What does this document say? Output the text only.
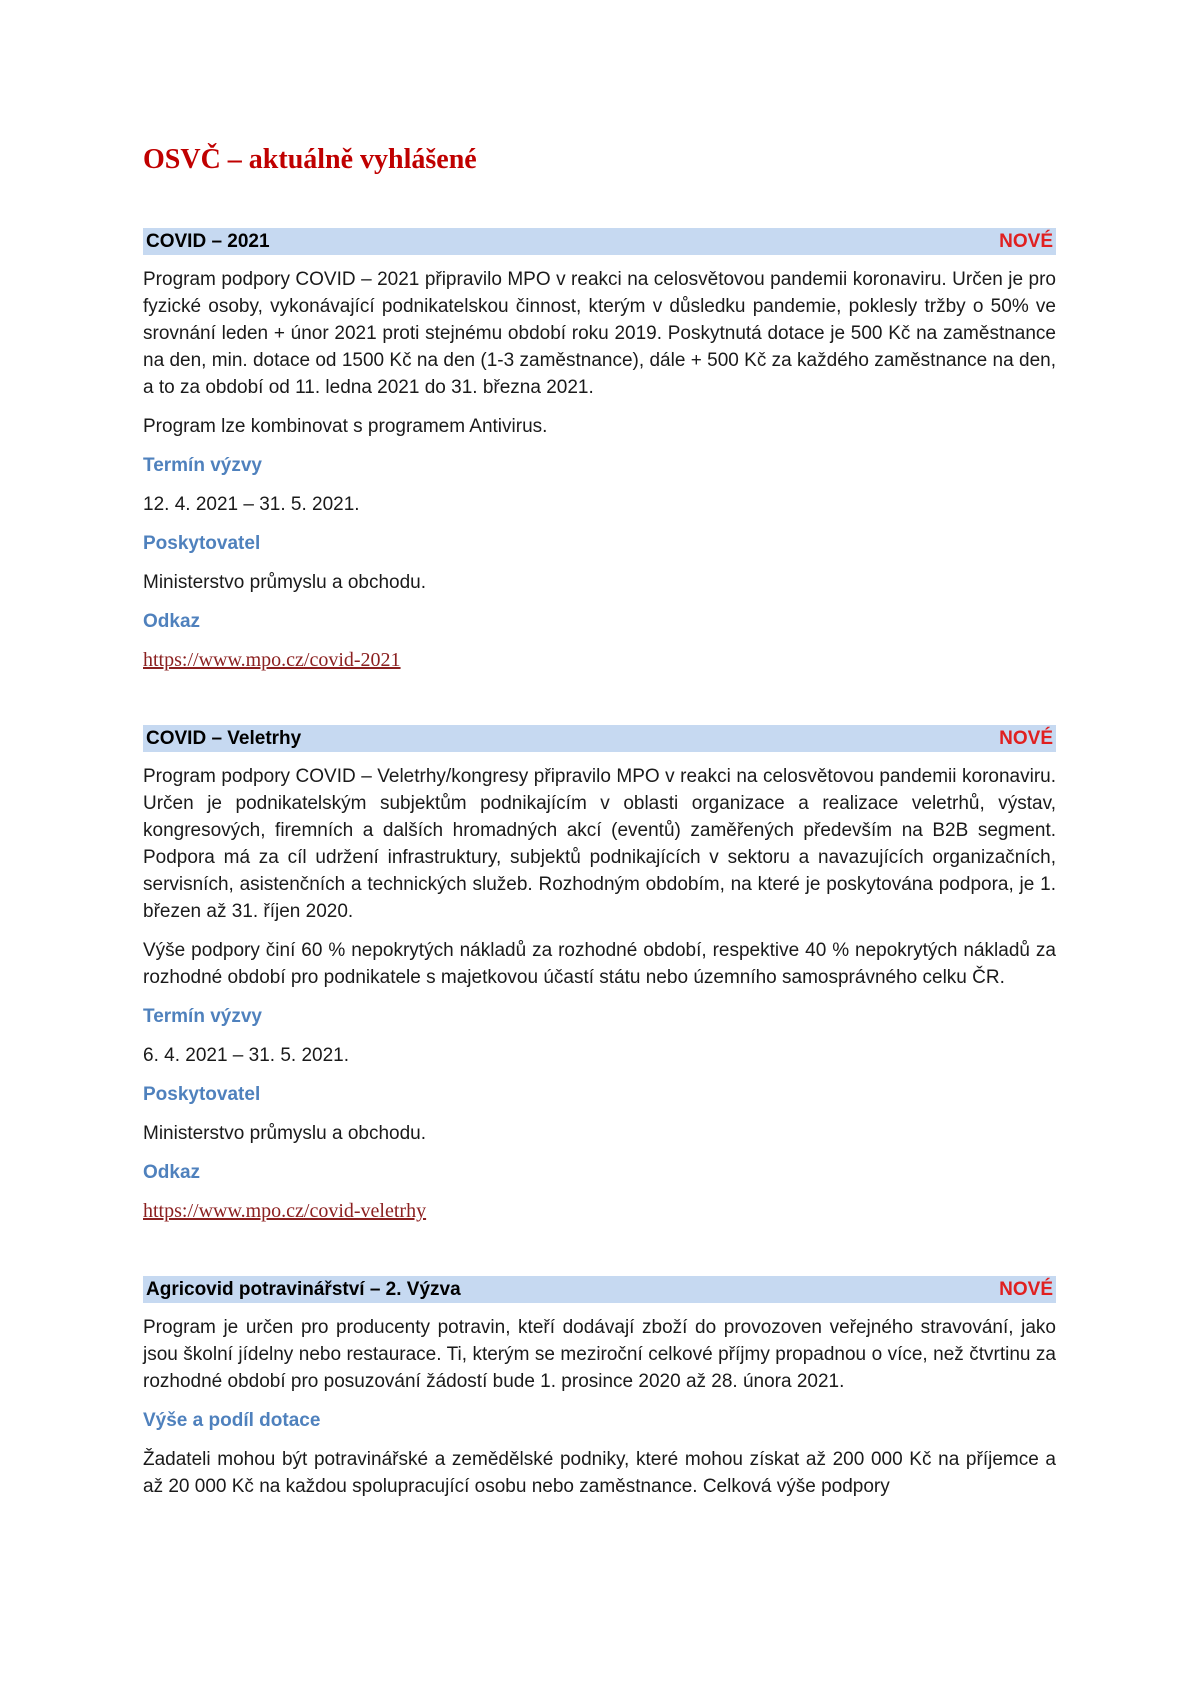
OSVČ – aktuálně vyhlášené
COVID – 2021	NOVÉ

Program podpory COVID – 2021 připravilo MPO v reakci na celosvětovou pandemii koronaviru. Určen je pro fyzické osoby, vykonávající podnikatelskou činnost, kterým v důsledku pandemie, poklesly tržby o 50% ve srovnání leden + únor 2021 proti stejnému období roku 2019. Poskytnutá dotace je 500 Kč na zaměstnance na den, min. dotace od 1500 Kč na den (1-3 zaměstnance), dále + 500 Kč za každého zaměstnance na den, a to za období od 11. ledna 2021 do 31. března 2021.

Program lze kombinovat s programem Antivirus.

Termín výzvy

12. 4. 2021 – 31. 5. 2021.

Poskytovatel

Ministerstvo průmyslu a obchodu.

Odkaz

https://www.mpo.cz/covid-2021

COVID – Veletrhy	NOVÉ

Program podpory COVID – Veletrhy/kongresy připravilo MPO v reakci na celosvětovou pandemii koronaviru. Určen je podnikatelským subjektům podnikajícím v oblasti organizace a realizace veletrhů, výstav, kongresových, firemních a dalších hromadných akcí (eventů) zaměřených především na B2B segment. Podpora má za cíl udržení infrastruktury, subjektů podnikajících v sektoru a navazujících organizačních, servisních, asistenčních a technických služeb. Rozhodným obdobím, na které je poskytována podpora, je 1. březen až 31. říjen 2020.

Výše podpory činí 60 % nepokrytých nákladů za rozhodné období, respektive 40 % nepokrytých nákladů za rozhodné období pro podnikatele s majetkovou účastí státu nebo územního samosprávného celku ČR.

Termín výzvy

6. 4. 2021 – 31. 5. 2021.

Poskytovatel

Ministerstvo průmyslu a obchodu.

Odkaz

https://www.mpo.cz/covid-veletrhy

Agricovid potravinářství – 2. Výzva	NOVÉ

Program je určen pro producenty potravin, kteří dodávají zboží do provozoven veřejného stravování, jako jsou školní jídelny nebo restaurace. Ti, kterým se meziroční celkové příjmy propadnou o více, než čtvrtinu za rozhodné období pro posuzování žádostí bude 1. prosince 2020 až 28. února 2021.

Výše a podíl dotace

Žadateli mohou být potravinářské a zemědělské podniky, které mohou získat až 200 000 Kč na příjemce a až 20 000 Kč na každou spolupracující osobu nebo zaměstnance. Celková výše podpory
